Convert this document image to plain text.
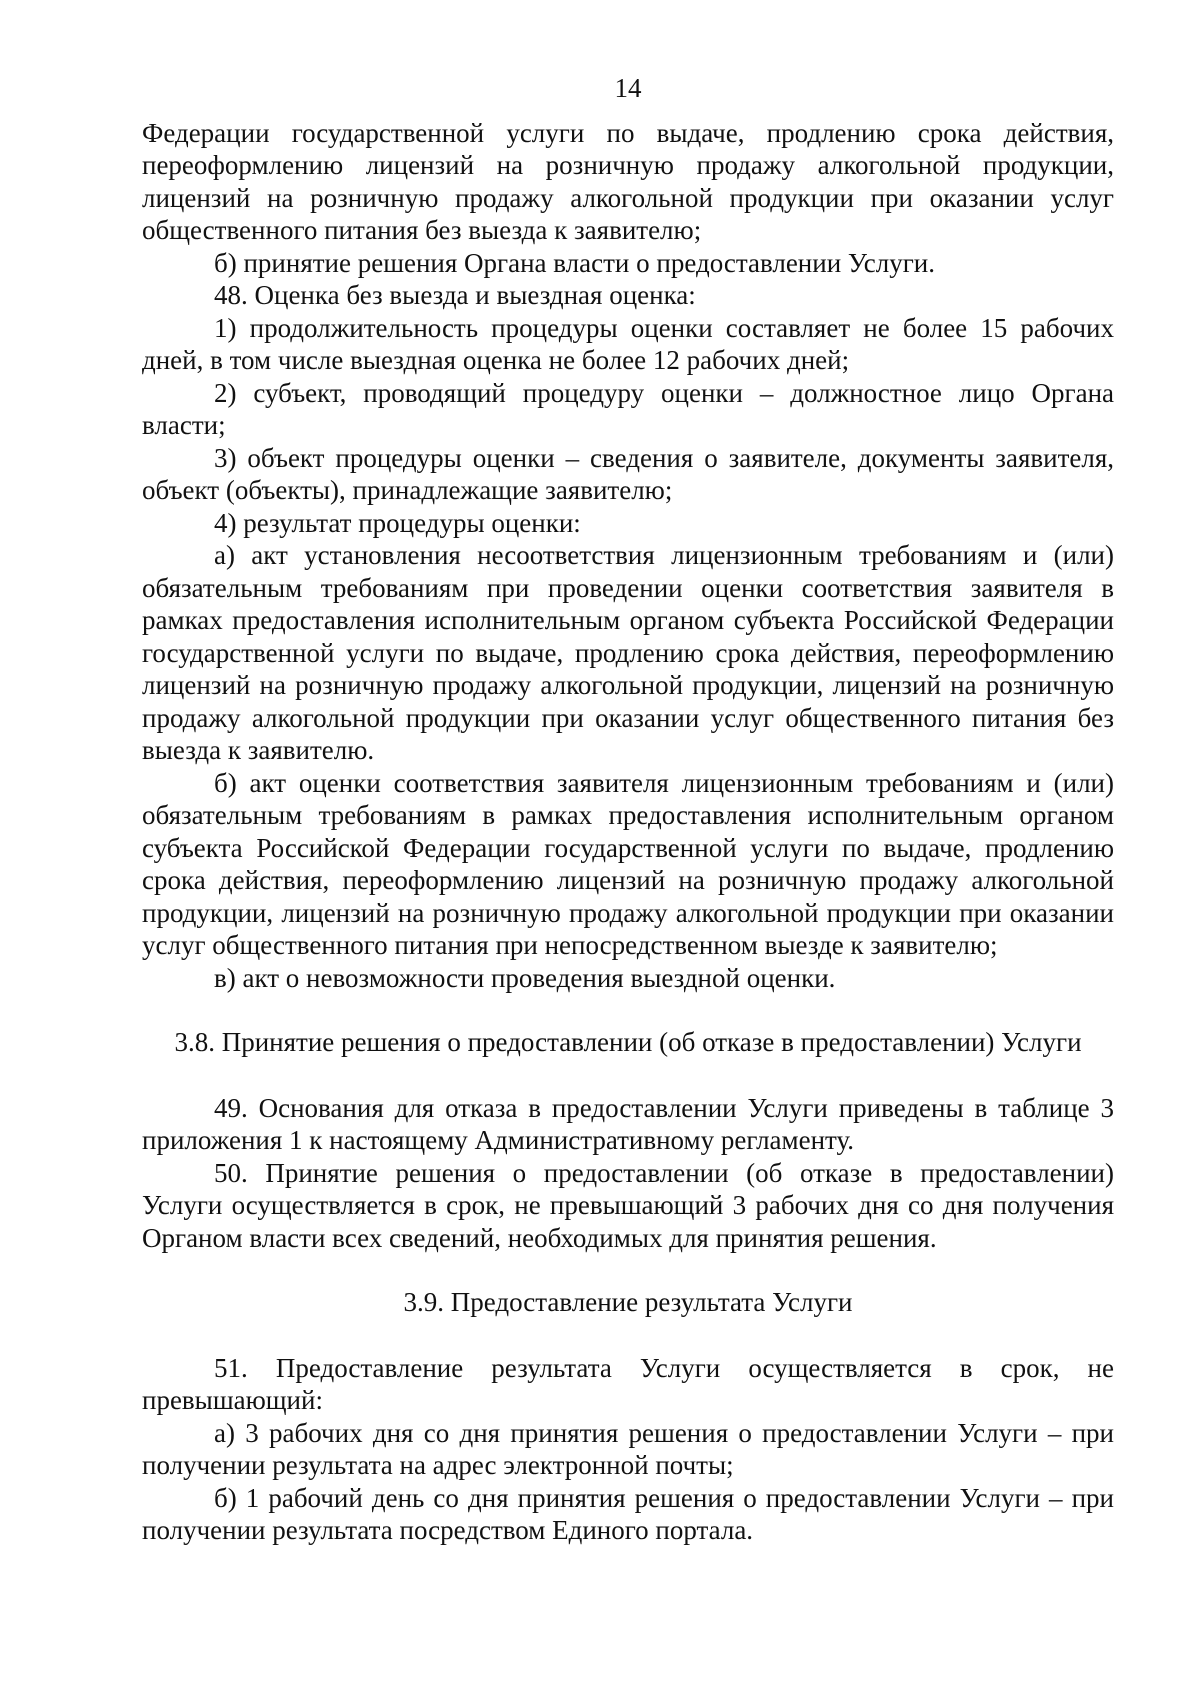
14

Федерации государственной услуги по выдаче, продлению срока действия, переоформлению лицензий на розничную продажу алкогольной продукции, лицензий на розничную продажу алкогольной продукции при оказании услуг общественного питания без выезда к заявителю;

б) принятие решения Органа власти о предоставлении Услуги.

48. Оценка без выезда и выездная оценка:

1) продолжительность процедуры оценки составляет не более 15 рабочих дней, в том числе выездная оценка не более 12 рабочих дней;

2) субъект, проводящий процедуру оценки – должностное лицо Органа власти;

3) объект процедуры оценки – сведения о заявителе, документы заявителя, объект (объекты), принадлежащие заявителю;

4) результат процедуры оценки:

а) акт установления несоответствия лицензионным требованиям и (или) обязательным требованиям при проведении оценки соответствия заявителя в рамках предоставления исполнительным органом субъекта Российской Федерации государственной услуги по выдаче, продлению срока действия, переоформлению лицензий на розничную продажу алкогольной продукции, лицензий на розничную продажу алкогольной продукции при оказании услуг общественного питания без выезда к заявителю.

б) акт оценки соответствия заявителя лицензионным требованиям и (или) обязательным требованиям в рамках предоставления исполнительным органом субъекта Российской Федерации государственной услуги по выдаче, продлению срока действия, переоформлению лицензий на розничную продажу алкогольной продукции, лицензий на розничную продажу алкогольной продукции при оказании услуг общественного питания при непосредственном выезде к заявителю;

в) акт о невозможности проведения выездной оценки.

3.8. Принятие решения о предоставлении (об отказе в предоставлении) Услуги

49. Основания для отказа в предоставлении Услуги приведены в таблице 3 приложения 1 к настоящему Административному регламенту.

50. Принятие решения о предоставлении (об отказе в предоставлении) Услуги осуществляется в срок, не превышающий 3 рабочих дня со дня получения Органом власти всех сведений, необходимых для принятия решения.

3.9. Предоставление результата Услуги

51. Предоставление результата Услуги осуществляется в срок, не превышающий:

а) 3 рабочих дня со дня принятия решения о предоставлении Услуги – при получении результата на адрес электронной почты;

б) 1 рабочий день со дня принятия решения о предоставлении Услуги – при получении результата посредством Единого портала.
